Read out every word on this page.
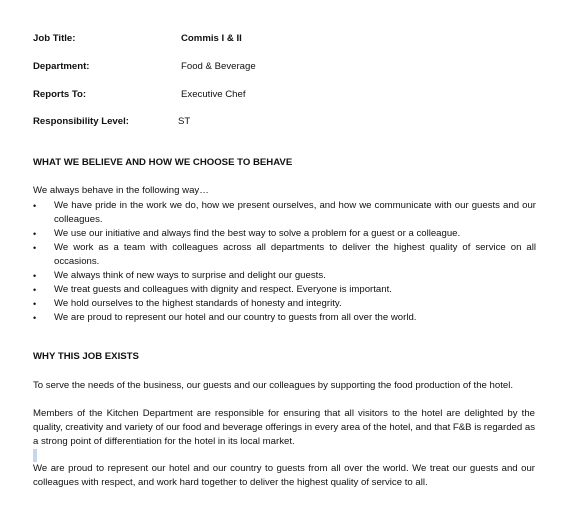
Job Title:	Commis I & II
Department:	Food & Beverage
Reports To:	Executive Chef
Responsibility Level:	ST
WHAT WE BELIEVE AND HOW WE CHOOSE TO BEHAVE
We always behave in the following way…
• We have pride in the work we do, how we present ourselves, and how we communicate with our guests and our colleagues.
• We use our initiative and always find the best way to solve a problem for a guest or a colleague.
• We work as a team with colleagues across all departments to deliver the highest quality of service on all occasions.
• We always think of new ways to surprise and delight our guests.
• We treat guests and colleagues with dignity and respect. Everyone is important.
• We hold ourselves to the highest standards of honesty and integrity.
• We are proud to represent our hotel and our country to guests from all over the world.
WHY THIS JOB EXISTS
To serve the needs of the business, our guests and our colleagues by supporting the food production of the hotel.
Members of the Kitchen Department are responsible for ensuring that all visitors to the hotel are delighted by the quality, creativity and variety of our food and beverage offerings in every area of the hotel, and that F&B is regarded as a strong point of differentiation for the hotel in its local market.
We are proud to represent our hotel and our country to guests from all over the world. We treat our guests and our colleagues with respect, and work hard together to deliver the highest quality of service to all.
